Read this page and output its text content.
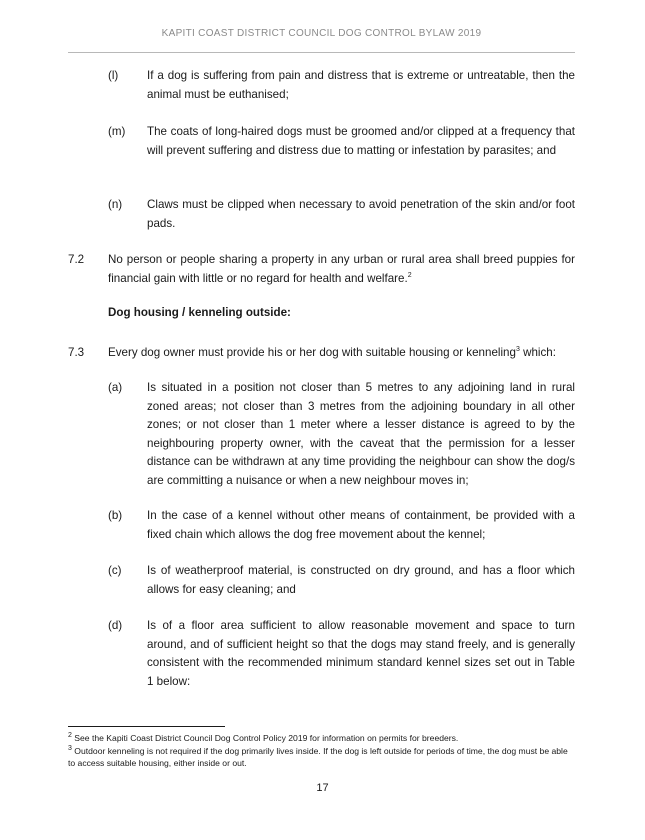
KAPITI COAST DISTRICT COUNCIL DOG CONTROL BYLAW 2019
(l) If a dog is suffering from pain and distress that is extreme or untreatable, then the animal must be euthanised;
(m) The coats of long-haired dogs must be groomed and/or clipped at a frequency that will prevent suffering and distress due to matting or infestation by parasites; and
(n) Claws must be clipped when necessary to avoid penetration of the skin and/or foot pads.
7.2 No person or people sharing a property in any urban or rural area shall breed puppies for financial gain with little or no regard for health and welfare.$^2$
Dog housing / kenneling outside:
7.3 Every dog owner must provide his or her dog with suitable housing or kenneling$^3$ which:
(a) Is situated in a position not closer than 5 metres to any adjoining land in rural zoned areas; not closer than 3 metres from the adjoining boundary in all other zones; or not closer than 1 meter where a lesser distance is agreed to by the neighbouring property owner, with the caveat that the permission for a lesser distance can be withdrawn at any time providing the neighbour can show the dog/s are committing a nuisance or when a new neighbour moves in;
(b) In the case of a kennel without other means of containment, be provided with a fixed chain which allows the dog free movement about the kennel;
(c) Is of weatherproof material, is constructed on dry ground, and has a floor which allows for easy cleaning; and
(d) Is of a floor area sufficient to allow reasonable movement and space to turn around, and of sufficient height so that the dogs may stand freely, and is generally consistent with the recommended minimum standard kennel sizes set out in Table 1 below:
$^2$ See the Kapiti Coast District Council Dog Control Policy 2019 for information on permits for breeders.
$^3$ Outdoor kenneling is not required if the dog primarily lives inside. If the dog is left outside for periods of time, the dog must be able to access suitable housing, either inside or out.
17
